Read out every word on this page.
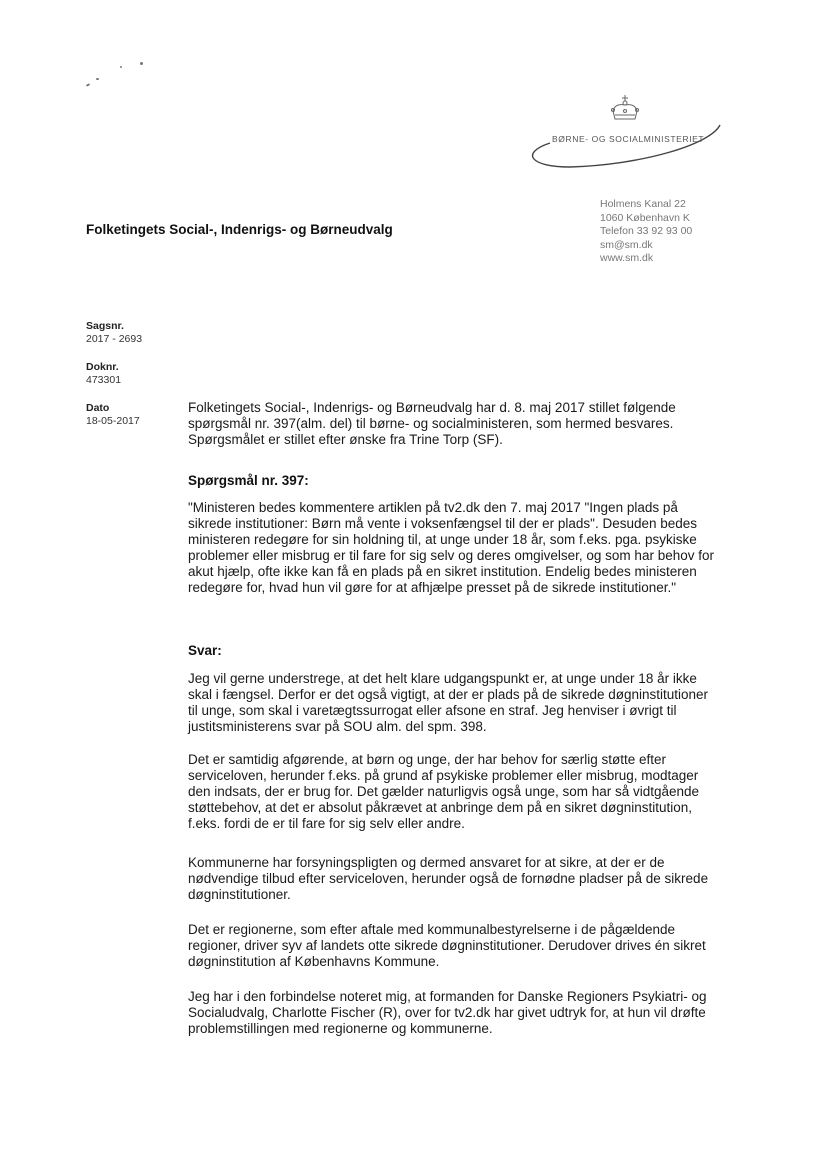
BØRNE- OG SOCIALMINISTERIET
Folketingets Social-, Indenrigs- og Børneudvalg
Holmens Kanal 22
1060 København K
Telefon 33 92 93 00
sm@sm.dk
www.sm.dk
Sagsnr.
2017 - 2693
Doknr.
473301
Dato
18-05-2017

Folketingets Social-, Indenrigs- og Børneudvalg har d. 8. maj 2017 stillet følgende spørgsmål nr. 397(alm. del) til børne- og socialministeren, som hermed besvares. Spørgsmålet er stillet efter ønske fra Trine Torp (SF).

Spørgsmål nr. 397:

"Ministeren bedes kommentere artiklen på tv2.dk den 7. maj 2017 "Ingen plads på sikrede institutioner: Børn må vente i voksenfængsel til der er plads". Desuden bedes ministeren redegøre for sin holdning til, at unge under 18 år, som f.eks. pga. psykiske problemer eller misbrug er til fare for sig selv og deres omgivelser, og som har behov for akut hjælp, ofte ikke kan få en plads på en sikret institution. Endelig bedes ministeren redegøre for, hvad hun vil gøre for at afhjælpe presset på de sikrede institutioner."

Svar:

Jeg vil gerne understrege, at det helt klare udgangspunkt er, at unge under 18 år ikke skal i fængsel. Derfor er det også vigtigt, at der er plads på de sikrede døgninstitutioner til unge, som skal i varetægtssurrogat eller afsone en straf. Jeg henviser i øvrigt til justitsministerens svar på SOU alm. del spm. 398.

Det er samtidig afgørende, at børn og unge, der har behov for særlig støtte efter serviceloven, herunder f.eks. på grund af psykiske problemer eller misbrug, modtager den indsats, der er brug for. Det gælder naturligvis også unge, som har så vidtgående støttebehov, at det er absolut påkrævet at anbringe dem på en sikret døgninstitution, f.eks. fordi de er til fare for sig selv eller andre.

Kommunerne har forsyningspligten og dermed ansvaret for at sikre, at der er de nødvendige tilbud efter serviceloven, herunder også de fornødne pladser på de sikrede døgninstitutioner.

Det er regionerne, som efter aftale med kommunalbestyrelserne i de pågældende regioner, driver syv af landets otte sikrede døgninstitutioner. Derudover drives én sikret døgninstitution af Københavns Kommune.

Jeg har i den forbindelse noteret mig, at formanden for Danske Regioners Psykiatri- og Socialudvalg, Charlotte Fischer (R), over for tv2.dk har givet udtryk for, at hun vil drøfte problemstillingen med regionerne og kommunerne.
